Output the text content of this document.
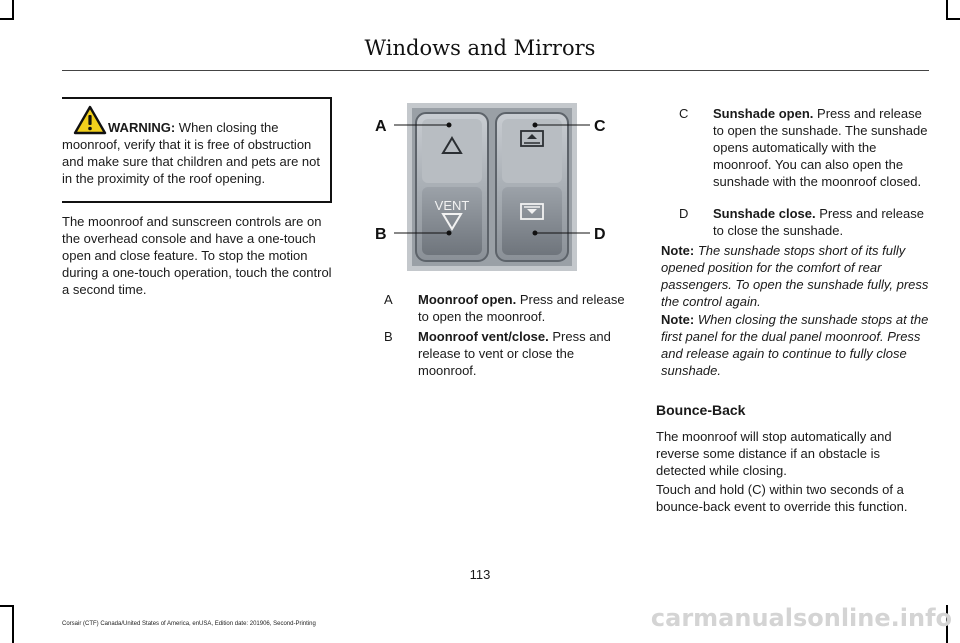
Windows and Mirrors
WARNING: When closing the
moonroof, verify that it is free of obstruction and make sure that children and pets are not in the proximity of the roof opening.
The moonroof and sunscreen controls are on the overhead console and have a one-touch open and close feature. To stop the motion during a one-touch operation, touch the control a second time.
VENT
A
B
C
D
A Moonroof open. Press and release to open the moonroof.
B Moonroof vent/close. Press and release to vent or close the moonroof.
C Sunshade open. Press and release to open the sunshade. The sunshade opens automatically with the moonroof. You can also open the sunshade with the moonroof closed.
D Sunshade close. Press and release to close the sunshade.
Note: The sunshade stops short of its fully opened position for the comfort of rear passengers. To open the sunshade fully, press the control again.
Note: When closing the sunshade stops at the first panel for the dual panel moonroof. Press and release again to continue to fully close sunshade.
Bounce-Back
The moonroof will stop automatically and reverse some distance if an obstacle is detected while closing.
Touch and hold (C) within two seconds of a bounce-back event to override this function.
113
Corsair (CTF) Canada/United States of America, enUSA, Edition date: 201906, Second-Printing	carmanualsonline.info
